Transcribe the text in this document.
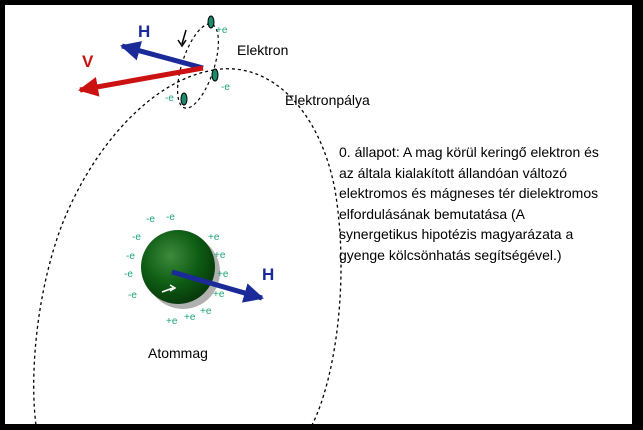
H
V
H
Elektron
Elektronpálya
Atommag
+e
-e
-e
-e -e
-e
-e
-e
-e
+e
+e
+e
+e
+e
+e
+e
0. állapot: A mag körül keringő elektron és
az általa kialakított állandóan változó
elektromos és mágneses tér dielektromos
elfordulásának bemutatása (A
synergetikus hipotézis magyarázata a
gyenge kölcsönhatás segítségével.)
